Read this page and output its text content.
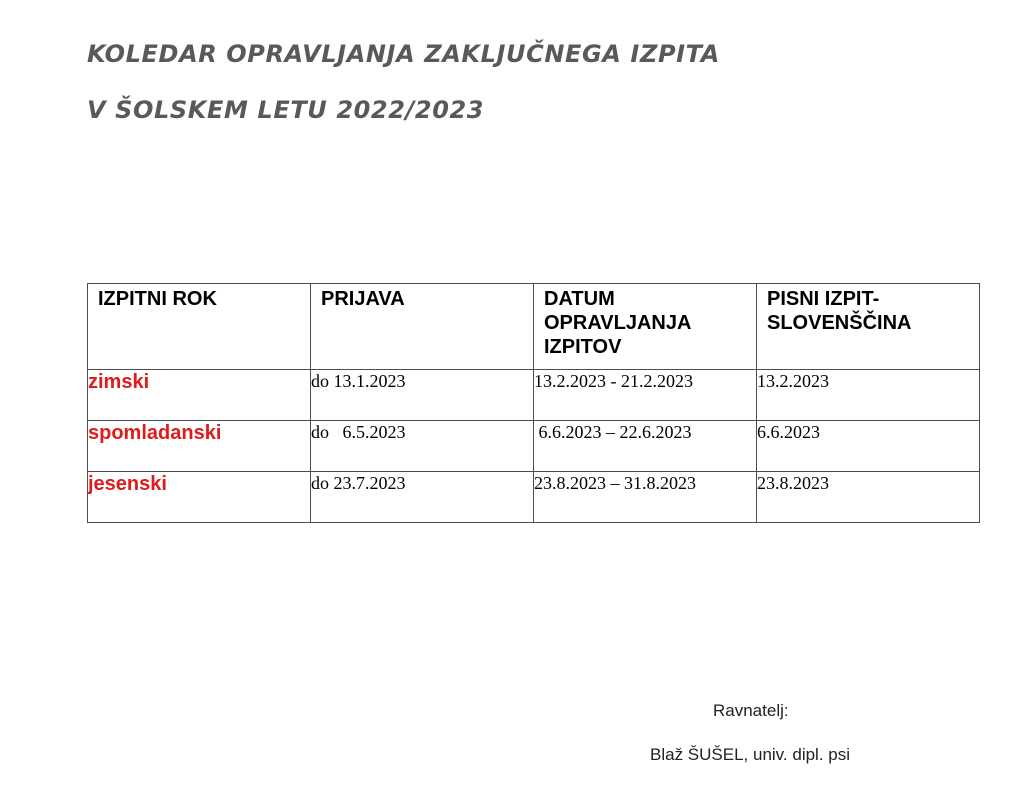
KOLEDAR OPRAVLJANJA ZAKLJUČNEGA IZPITA
V ŠOLSKEM LETU 2022/2023
IZPITNI ROK	PRIJAVA	DATUM OPRAVLJANJA IZPITOV	PISNI IZPIT-SLOVENŠČINA
zimski	do 13.1.2023	13.2.2023 - 21.2.2023	13.2.2023
spomladanski	do   6.5.2023	6.6.2023 – 22.6.2023	6.6.2023
jesenski	do 23.7.2023	23.8.2023 – 31.8.2023	23.8.2023
Ravnatelj:
Blaž ŠUŠEL, univ. dipl. psi
